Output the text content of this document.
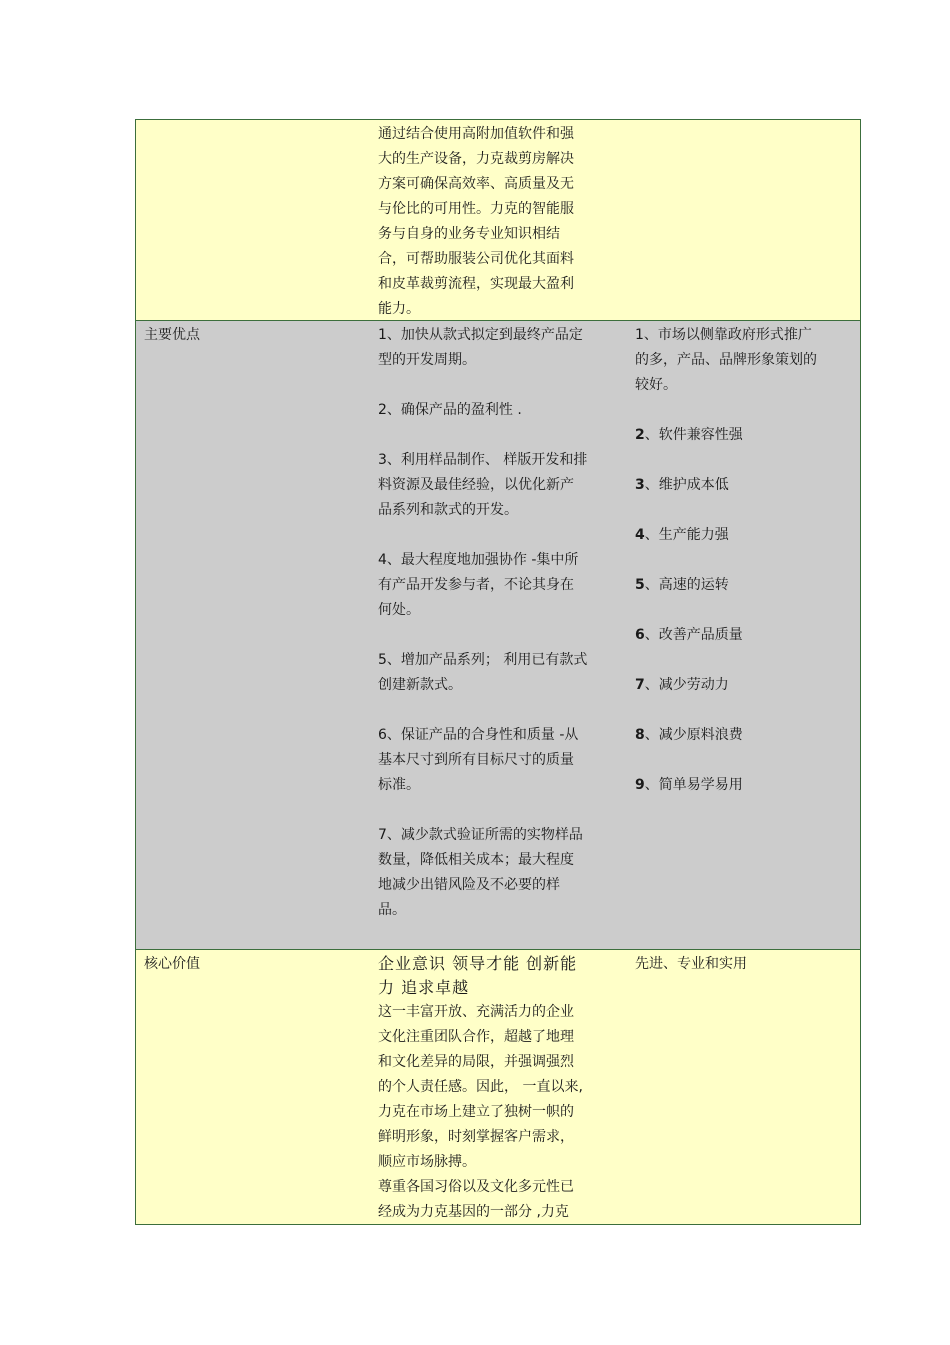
通过结合使用高附加值软件和强
大的生产设备，力克裁剪房解决
方案可确保高效率、高质量及无
与伦比的可用性。力克的智能服
务与自身的业务专业知识相结
合，可帮助服装公司优化其面料
和皮革裁剪流程，实现最大盈利
能力。
主要优点	1、加快从款式拟定到最终产品定
型的开发周期。
2、确保产品的盈利性 .
3、利用样品制作、 样版开发和排
料资源及最佳经验，以优化新产
品系列和款式的开发。
4、最大程度地加强协作 -集中所
有产品开发参与者，不论其身在
何处。
5、增加产品系列； 利用已有款式
创建新款式。
6、保证产品的合身性和质量 -从
基本尺寸到所有目标尺寸的质量
标准。
7、减少款式验证所需的实物样品
数量，降低相关成本；最大程度
地减少出错风险及不必要的样
品。
1、市场以侧靠政府形式推广
的多，产品、品牌形象策划的
较好。
2、软件兼容性强
3、维护成本低
4、生产能力强
5、高速的运转
6、改善产品质量
7、减少劳动力
8、减少原料浪费
9、简单易学易用
核心价值	企业意识 领导才能 创新能
力 追求卓越
这一丰富开放、充满活力的企业
文化注重团队合作，超越了地理
和文化差异的局限，并强调强烈
的个人责任感。因此， 一直以来,
力克在市场上建立了独树一帜的
鲜明形象，时刻掌握客户需求，
顺应市场脉搏。
尊重各国习俗以及文化多元性已
经成为力克基因的一部分 ,力克
先进、专业和实用
